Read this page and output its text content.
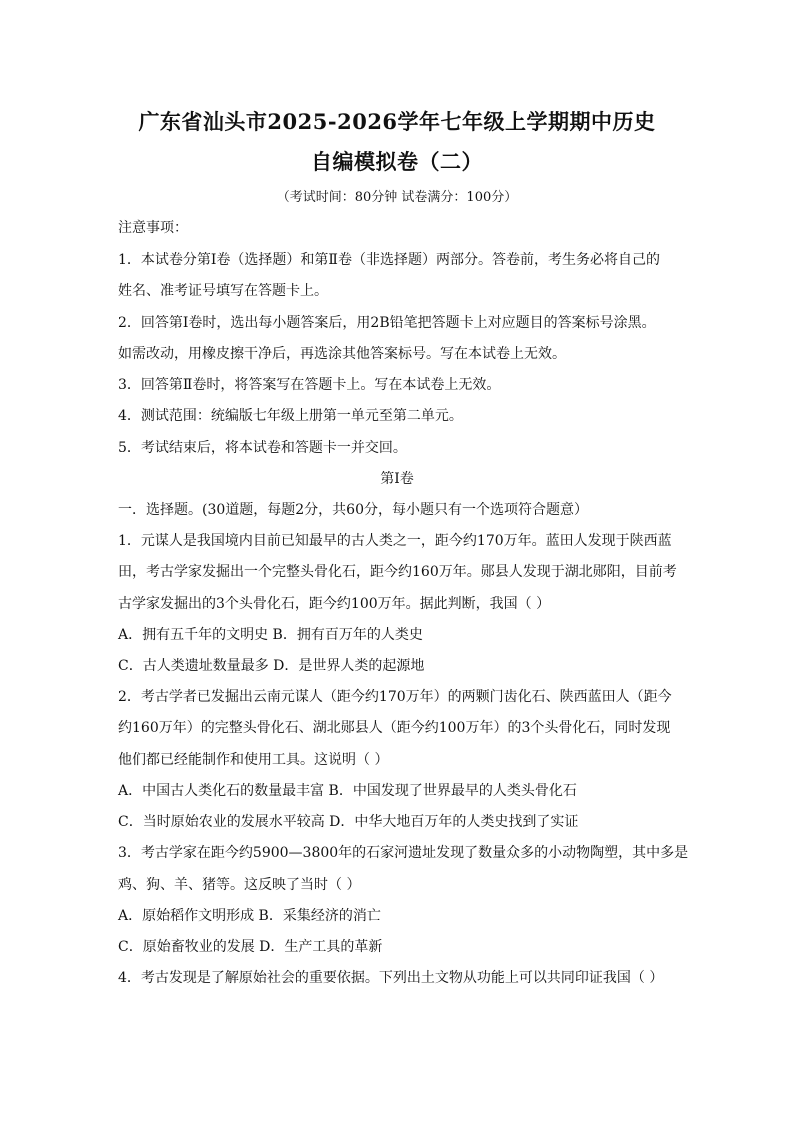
广东省汕头市2025-2026学年七年级上学期期中历史
自编模拟卷（二）
（考试时间：80分钟 试卷满分：100分）
注意事项：
1．本试卷分第Ⅰ卷（选择题）和第Ⅱ卷（非选择题）两部分。答卷前，考生务必将自己的
姓名、准考证号填写在答题卡上。
2．回答第Ⅰ卷时，选出每小题答案后，用2B铅笔把答题卡上对应题目的答案标号涂黑。
如需改动，用橡皮擦干净后，再选涂其他答案标号。写在本试卷上无效。
3．回答第Ⅱ卷时，将答案写在答题卡上。写在本试卷上无效。
4．测试范围：统编版七年级上册第一单元至第二单元。
5．考试结束后，将本试卷和答题卡一并交回。
第Ⅰ卷
一．选择题。(30道题，每题2分，共60分，每小题只有一个选项符合题意）
1．元谋人是我国境内目前已知最早的古人类之一，距今约170万年。蓝田人发现于陕西蓝
田，考古学家发掘出一个完整头骨化石，距今约160万年。郧县人发现于湖北郧阳，目前考
古学家发掘出的3个头骨化石，距今约100万年。据此判断，我国（ ）
A．拥有五千年的文明史 B．拥有百万年的人类史
C．古人类遗址数量最多 D．是世界人类的起源地
2．考古学者已发掘出云南元谋人（距今约170万年）的两颗门齿化石、陕西蓝田人（距今
约160万年）的完整头骨化石、湖北郧县人（距今约100万年）的3个头骨化石，同时发现
他们都已经能制作和使用工具。这说明（ ）
A．中国古人类化石的数量最丰富 B．中国发现了世界最早的人类头骨化石
C．当时原始农业的发展水平较高 D．中华大地百万年的人类史找到了实证
3．考古学家在距今约5900—3800年的石家河遗址发现了数量众多的小动物陶塑，其中多是
鸡、狗、羊、猪等。这反映了当时（ ）
A．原始稻作文明形成 B．采集经济的消亡
C．原始畜牧业的发展 D．生产工具的革新
4．考古发现是了解原始社会的重要依据。下列出土文物从功能上可以共同印证我国（ ）
